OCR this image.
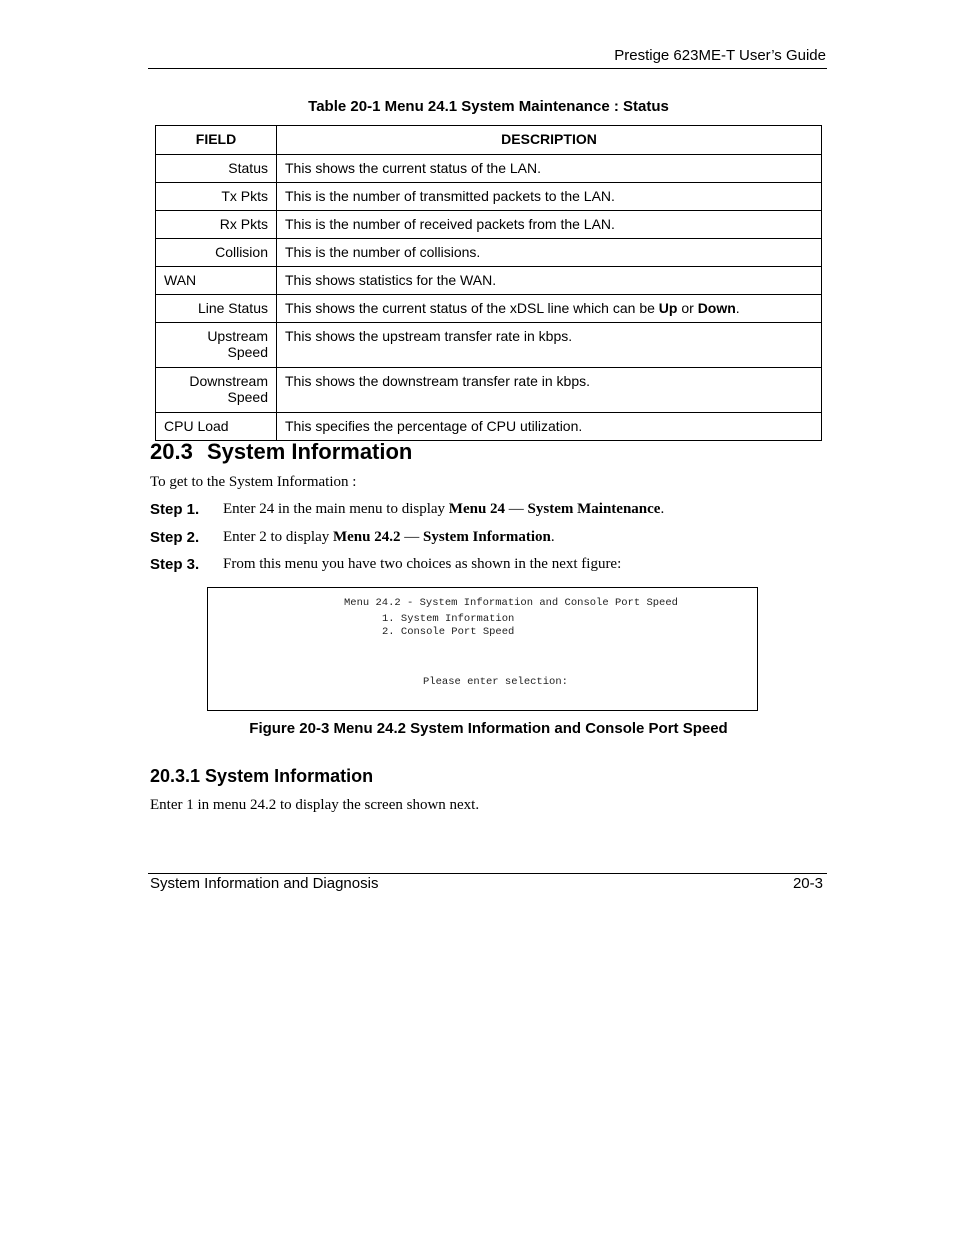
Prestige 623ME-T User’s Guide
Table 20-1 Menu 24.1 System Maintenance : Status
FIELD	DESCRIPTION
Status	This shows the current status of the LAN.
Tx Pkts	This is the number of transmitted packets to the LAN.
Rx Pkts	This is the number of received packets from the LAN.
Collision	This is the number of collisions.
WAN	This shows statistics for the WAN.
Line Status	This shows the current status of the xDSL line which can be Up or Down.
Upstream
Speed	This shows the upstream transfer rate in kbps.
Downstream
Speed	This shows the downstream transfer rate in kbps.
CPU Load	This specifies the percentage of CPU utilization.
20.3 System Information
To get to the System Information :
Step 1. Enter 24 in the main menu to display Menu 24 — System Maintenance.
Step 2. Enter 2 to display Menu 24.2 — System Information.
Step 3. From this menu you have two choices as shown in the next figure:
Menu 24.2 - System Information and Console Port Speed
1. System Information
2. Console Port Speed
Please enter selection:
Figure 20-3 Menu 24.2 System Information and Console Port Speed
20.3.1 System Information
Enter 1 in menu 24.2 to display the screen shown next.
System Information and Diagnosis	20-3
